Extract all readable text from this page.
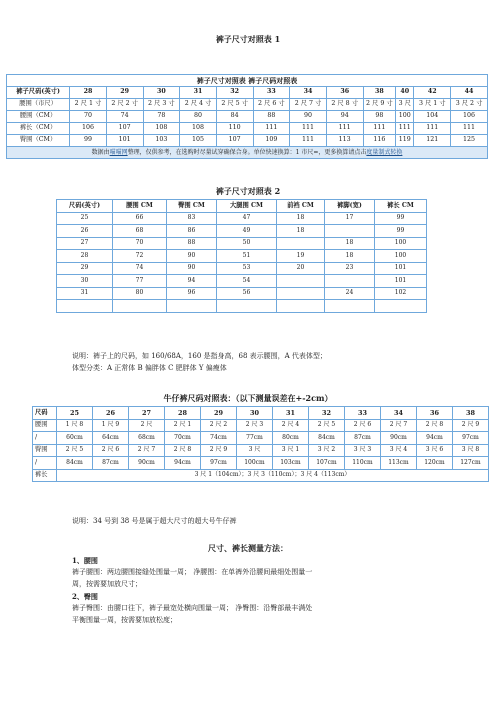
裤子尺寸对照表 1
裤子尺寸对照表 裤子尺码对照表												
裤子尺码(英寸)	28	29	30	31	32	33	34	36	38	40	42	44
腰围（市尺）	2 尺 1 寸	2 尺 2 寸	2 尺 3 寸	2 尺 4 寸	2 尺 5 寸	2 尺 6 寸	2 尺 7 寸	2 尺 8 寸	2 尺 9 寸	3 尺	3 尺 1 寸	3 尺 2 寸
腰围（CM）	70	74	78	80	84	88	90	94	98	100	104	106
裤长（CM）	106	107	108	108	110	111	111	111	111	111	111	111
臀围（CM）	99	101	103	105	107	109	111	113	116	119	121	125
数据由喵喵网整理，仅供参考，在选购时尽量试穿确保合身。单位快速换算：1 市尺=，更多换算请点击度量制式转换												
裤子尺寸对照表 2
尺码(英寸)	腰围 CM	臀围 CM	大腿围 CM	前裆 CM	裤脚(宽)	裤长 CM
25	66	83	47	18	17	99
26	68	86	49	18		99
27	70	88	50		18	100
28	72	90	51	19	18	100
29	74	90	53	20	23	101
30	77	94	54			101
31	80	96	56		24	102

说明：裤子上的尺码，如 160/68A，160 是指身高，68 表示腰围，A 代表体型；
体型分类：A 正常体 B 偏胖体 C 肥胖体 Y 偏瘦体
牛仔裤尺码对照表：（以下测量误差在+-2cm）
尺码	25	26	27	28	29	30	31	32	33	34	36	38
腰围	1 尺 8	1 尺 9	2 尺	2 尺 1	2 尺 2	2 尺 3	2 尺 4	2 尺 5	2 尺 6	2 尺 7	2 尺 8	2 尺 9
/	60cm	64cm	68cm	70cm	74cm	77cm	80cm	84cm	87cm	90cm	94cm	97cm
臀围	2 尺 5	2 尺 6	2 尺 7	2 尺 8	2 尺 9	3 尺	3 尺 1	3 尺 2	3 尺 3	3 尺 4	3 尺 6	3 尺 8
/	84cm	87cm	90cm	94cm	97cm	100cm	103cm	107cm	110cm	113cm	120cm	127cm
裤长	3 尺 1（104cm）；3 尺 3（110cm）；3 尺 4（113cm）											
说明：34 号到 38 号是属于超大尺寸的超大号牛仔裤
尺寸、裤长测量方法：
1、腰围
裤子腰围：两边腰围接缝处围量一周； 净腰围：在单裤外沿腰间最细处围量一
周，按需要加放尺寸；
2、臀围
裤子臀围：由腰口往下，裤子最宽处横向围量一周； 净臀围：沿臀部最丰满处
平衡围量一周，按需要加放松度；
